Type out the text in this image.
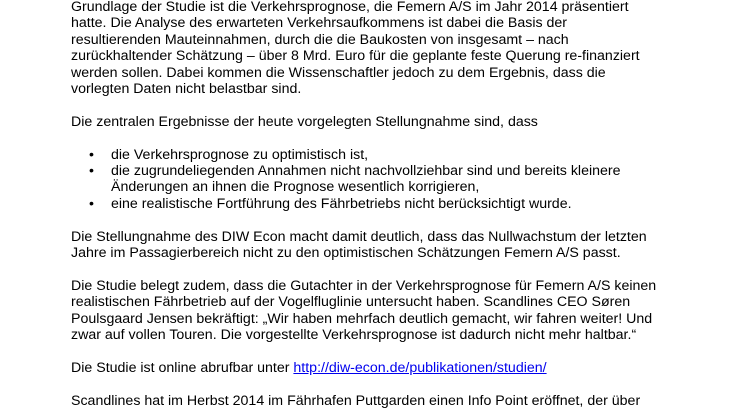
Grundlage der Studie ist die Verkehrsprognose, die Femern A/S im Jahr 2014 präsentiert
hatte. Die Analyse des erwarteten Verkehrsaufkommens ist dabei die Basis der
resultierenden Mauteinnahmen, durch die die Baukosten von insgesamt – nach
zurückhaltender Schätzung – über 8 Mrd. Euro für die geplante feste Querung re-finanziert
werden sollen. Dabei kommen die Wissenschaftler jedoch zu dem Ergebnis, dass die
vorlegten Daten nicht belastbar sind.

Die zentralen Ergebnisse der heute vorgelegten Stellungnahme sind, dass

• die Verkehrsprognose zu optimistisch ist,
• die zugrundeliegenden Annahmen nicht nachvollziehbar sind und bereits kleinere
Änderungen an ihnen die Prognose wesentlich korrigieren,
• eine realistische Fortführung des Fährbetriebs nicht berücksichtigt wurde.

Die Stellungnahme des DIW Econ macht damit deutlich, dass das Nullwachstum der letzten
Jahre im Passagierbereich nicht zu den optimistischen Schätzungen Femern A/S passt.

Die Studie belegt zudem, dass die Gutachter in der Verkehrsprognose für Femern A/S keinen
realistischen Fährbetrieb auf der Vogelfluglinie untersucht haben. Scandlines CEO Søren
Poulsgaard Jensen bekräftigt: „Wir haben mehrfach deutlich gemacht, wir fahren weiter! Und
zwar auf vollen Touren. Die vorgestellte Verkehrsprognose ist dadurch nicht mehr haltbar.“

Die Studie ist online abrufbar unter http://diw-econ.de/publikationen/studien/

Scandlines hat im Herbst 2014 im Fährhafen Puttgarden einen Info Point eröffnet, der über
